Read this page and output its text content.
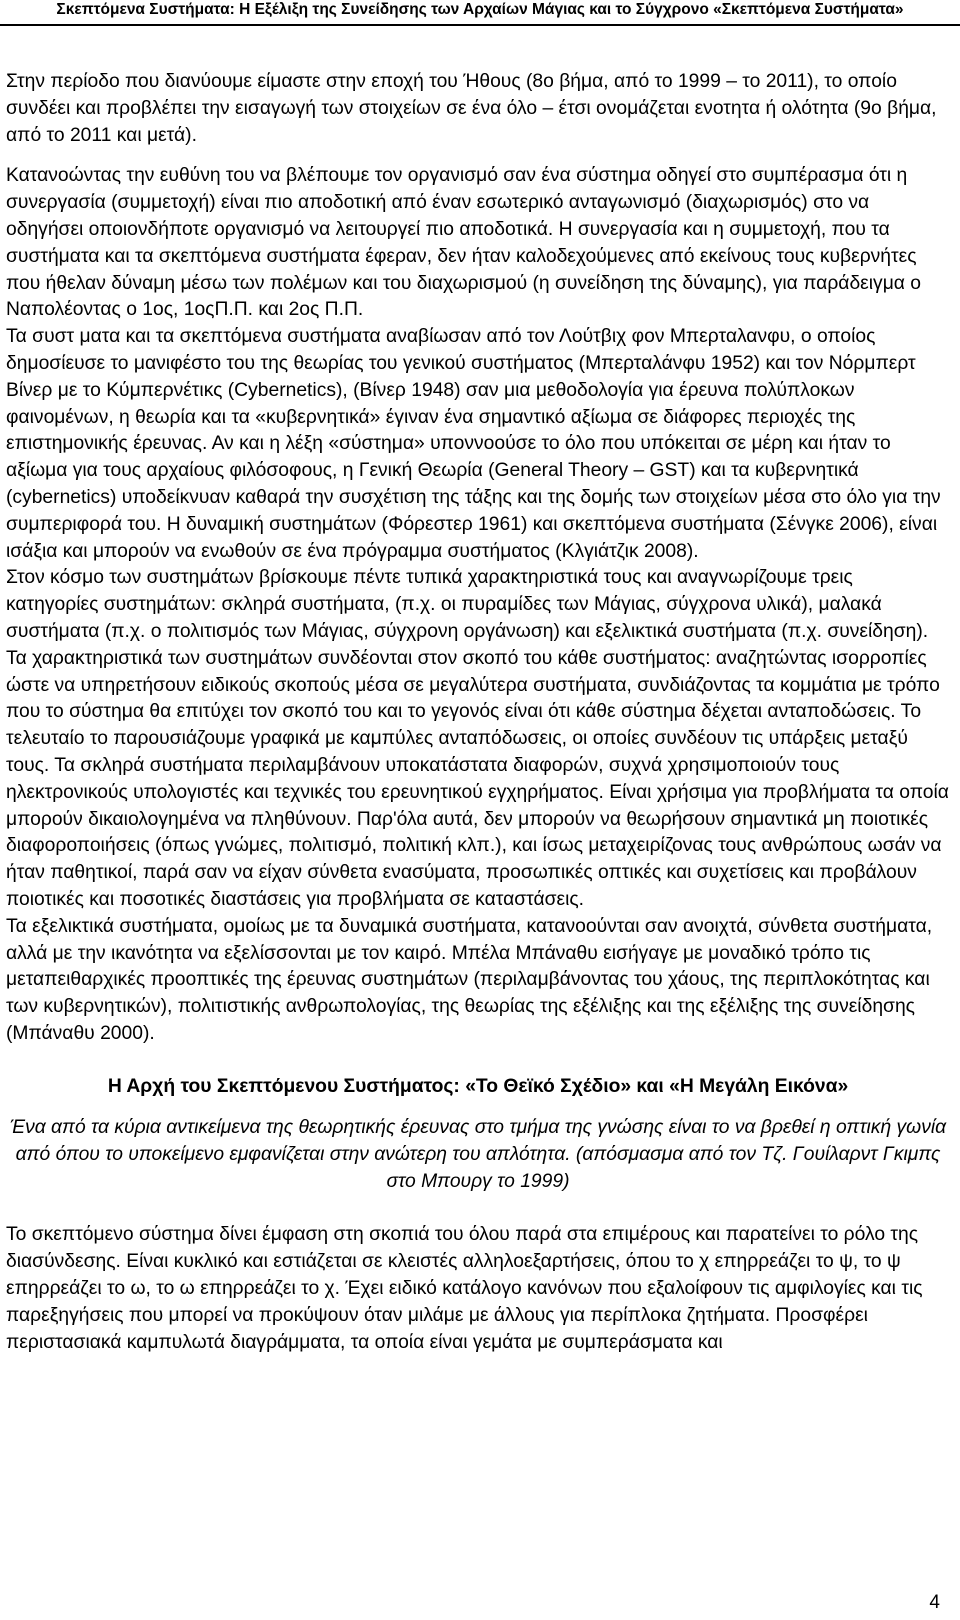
Σκεπτόμενα Συστήματα: Η Εξέλιξη της Συνείδησης των Αρχαίων Μάγιας και το Σύγχρονο «Σκεπτόμενα Συστήματα»

Στην περίοδο που διανύουμε είμαστε στην εποχή του Ήθους (8ο βήμα, από το 1999 – το 2011), το οποίο συνδέει και προβλέπει την εισαγωγή των στοιχείων σε ένα όλο – έτσι ονομάζεται ενοτητα ή ολότητα (9ο βήμα, από το 2011 και μετά).

Κατανοώντας την ευθύνη του να βλέπουμε τον οργανισμό σαν ένα σύστημα οδηγεί στο συμπέρασμα ότι η συνεργασία (συμμετοχή) είναι πιο αποδοτική από έναν εσωτερικό ανταγωνισμό (διαχωρισμός) στο να οδηγήσει οποιονδήποτε οργανισμό να λειτουργεί πιο αποδοτικά. Η συνεργασία και η συμμετοχή, που τα συστήματα και τα σκεπτόμενα συστήματα έφεραν, δεν ήταν καλοδεχούμενες από εκείνους τους κυβερνήτες που ήθελαν δύναμη μέσω των πολέμων και του διαχωρισμού (η συνείδηση της δύναμης), για παράδειγμα ο Ναπολέοντας ο 1ος, 1οςΠ.Π. και 2ος Π.Π.

Τα συστ ματα και τα σκεπτόμενα συστήματα αναβίωσαν από τον Λούτβιχ φον Μπερταλανφυ, ο οποίος δημοσίευσε το μανιφέστο του της θεωρίας του γενικού συστήματος (Μπερταλάνφυ 1952) και τον Νόρμπερτ Βίνερ με το Κύμπερνέτικς (Cybernetics), (Βίνερ 1948) σαν μια μεθοδολογία για έρευνα πολύπλοκων φαινομένων, η θεωρία και τα «κυβερνητικά» έγιναν ένα σημαντικό αξίωμα σε διάφορες περιοχές της επιστημονικής έρευνας. Αν και η λέξη «σύστημα» υποννοούσε το όλο που υπόκειται σε μέρη και ήταν το αξίωμα για τους αρχαίους φιλόσοφους, η Γενική Θεωρία (General Theory – GST) και τα κυβερνητικά (cybernetics) υποδείκνυαν καθαρά την συσχέτιση της τάξης και της δομής των στοιχείων μέσα στο όλο για την συμπεριφορά του. Η δυναμική συστημάτων (Φόρεστερ 1961) και σκεπτόμενα συστήματα (Σένγκε 2006), είναι ισάξια και μπορούν να ενωθούν σε ένα πρόγραμμα συστήματος (Κλγιάτζικ 2008).

Στον κόσμο των συστημάτων βρίσκουμε πέντε τυπικά χαρακτηριστικά τους και αναγνωρίζουμε τρεις κατηγορίες συστημάτων: σκληρά συστήματα, (π.χ. οι πυραμίδες των Μάγιας, σύγχρονα υλικά), μαλακά συστήματα (π.χ. ο πολιτισμός των Μάγιας, σύγχρονη οργάνωση) και εξελικτικά συστήματα (π.χ. συνείδηση).

Τα χαρακτηριστικά των συστημάτων συνδέονται στον σκοπό του κάθε συστήματος: αναζητώντας ισορροπίες ώστε να υπηρετήσουν ειδικούς σκοπούς μέσα σε μεγαλύτερα συστήματα, συνδιάζοντας τα κομμάτια με τρόπο που το σύστημα θα επιτύχει τον σκοπό του και το γεγονός είναι ότι κάθε σύστημα δέχεται ανταποδώσεις. Το τελευταίο το παρουσιάζουμε γραφικά με καμπύλες ανταπόδωσεις, οι οποίες συνδέουν τις υπάρξεις μεταξύ τους. Τα σκληρά συστήματα περιλαμβάνουν υποκατάστατα διαφορών, συχνά χρησιμοποιούν τους ηλεκτρονικούς υπολογιστές και τεχνικές του ερευνητικού εγχηρήματος. Είναι χρήσιμα για προβλήματα τα οποία μπορούν δικαιολογημένα να πληθύνουν. Παρ'όλα αυτά, δεν μπορούν να θεωρήσουν σημαντικά μη ποιοτικές διαφοροποιήσεις (όπως γνώμες, πολιτισμό, πολιτική κλπ.), και ίσως μεταχειρίζονας τους ανθρώπους ωσάν να ήταν παθητικοί, παρά σαν να είχαν σύνθετα ενασύματα, προσωπικές οπτικές και συχετίσεις και προβάλουν ποιοτικές και ποσοτικές διαστάσεις για προβλήματα σε καταστάσεις.

Τα εξελικτικά συστήματα, ομοίως με τα δυναμικά συστήματα, κατανοούνται σαν ανοιχτά, σύνθετα συστήματα, αλλά με την ικανότητα να εξελίσσονται με τον καιρό. Μπέλα Μπάναθυ εισήγαγε με μοναδικό τρόπο τις μεταπειθαρχικές προοπτικές της έρευνας συστημάτων (περιλαμβάνοντας του χάους, της περιπλοκότητας και των κυβερνητικών), πολιτιστικής ανθρωπολογίας, της θεωρίας της εξέλιξης και της εξέλιξης της συνείδησης (Μπάναθυ 2000).

Η Αρχή του Σκεπτόμενου Συστήματος: «Το Θεϊκό Σχέδιο» και «Η Μεγάλη Εικόνα»

Ένα από τα κύρια αντικείμενα της θεωρητικής έρευνας στο τμήμα της γνώσης είναι το να βρεθεί η οπτική γωνία από όπου το υποκείμενο εμφανίζεται στην ανώτερη του απλότητα. (απόσμασμα από τον Τζ. Γουίλαρντ Γκιμπς στο Μπουργ το 1999)

Το σκεπτόμενο σύστημα δίνει έμφαση στη σκοπιά του όλου παρά στα επιμέρους και παρατείνει το ρόλο της διασύνδεσης. Είναι κυκλικό και εστιάζεται σε κλειστές αλληλοεξαρτήσεις, όπου το χ επηρρεάζει το ψ, το ψ επηρρεάζει το ω, το ω επηρρεάζει το χ. Έχει ειδικό κατάλογο κανόνων που εξαλοίφουν τις αμφιλογίες και τις παρεξηγήσεις που μπορεί να προκύψουν όταν μιλάμε με άλλους για περίπλοκα ζητήματα. Προσφέρει περιστασιακά καμπυλωτά διαγράμματα, τα οποία είναι γεμάτα με συμπεράσματα και

4
